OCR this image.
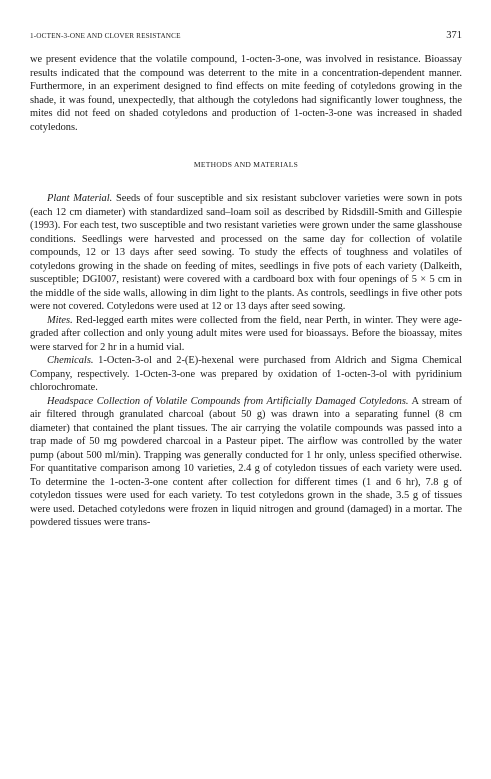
1-OCTEN-3-ONE AND CLOVER RESISTANCE	371

we present evidence that the volatile compound, 1-octen-3-one, was involved in resistance. Bioassay results indicated that the compound was deterrent to the mite in a concentration-dependent manner. Furthermore, in an experiment designed to find effects on mite feeding of cotyledons growing in the shade, it was found, unexpectedly, that although the cotyledons had significantly lower toughness, the mites did not feed on shaded cotyledons and production of 1-octen-3-one was increased in shaded cotyledons.

METHODS AND MATERIALS

Plant Material. Seeds of four susceptible and six resistant subclover varieties were sown in pots (each 12 cm diameter) with standardized sand–loam soil as described by Ridsdill-Smith and Gillespie (1993). For each test, two susceptible and two resistant varieties were grown under the same glasshouse conditions. Seedlings were harvested and processed on the same day for collection of volatile compounds, 12 or 13 days after seed sowing. To study the effects of toughness and volatiles of cotyledons growing in the shade on feeding of mites, seedlings in five pots of each variety (Dalkeith, susceptible; DGI007, resistant) were covered with a cardboard box with four openings of 5 × 5 cm in the middle of the side walls, allowing in dim light to the plants. As controls, seedlings in five other pots were not covered. Cotyledons were used at 12 or 13 days after seed sowing.

Mites. Red-legged earth mites were collected from the field, near Perth, in winter. They were age-graded after collection and only young adult mites were used for bioassays. Before the bioassay, mites were starved for 2 hr in a humid vial.

Chemicals. 1-Octen-3-ol and 2-(E)-hexenal were purchased from Aldrich and Sigma Chemical Company, respectively. 1-Octen-3-one was prepared by oxidation of 1-octen-3-ol with pyridinium chlorochromate.

Headspace Collection of Volatile Compounds from Artificially Damaged Cotyledons. A stream of air filtered through granulated charcoal (about 50 g) was drawn into a separating funnel (8 cm diameter) that contained the plant tissues. The air carrying the volatile compounds was passed into a trap made of 50 mg powdered charcoal in a Pasteur pipet. The airflow was controlled by the water pump (about 500 ml/min). Trapping was generally conducted for 1 hr only, unless specified otherwise. For quantitative comparison among 10 varieties, 2.4 g of cotyledon tissues of each variety were used. To determine the 1-octen-3-one content after collection for different times (1 and 6 hr), 7.8 g of cotyledon tissues were used for each variety. To test cotyledons grown in the shade, 3.5 g of tissues were used. Detached cotyledons were frozen in liquid nitrogen and ground (damaged) in a mortar. The powdered tissues were trans-
